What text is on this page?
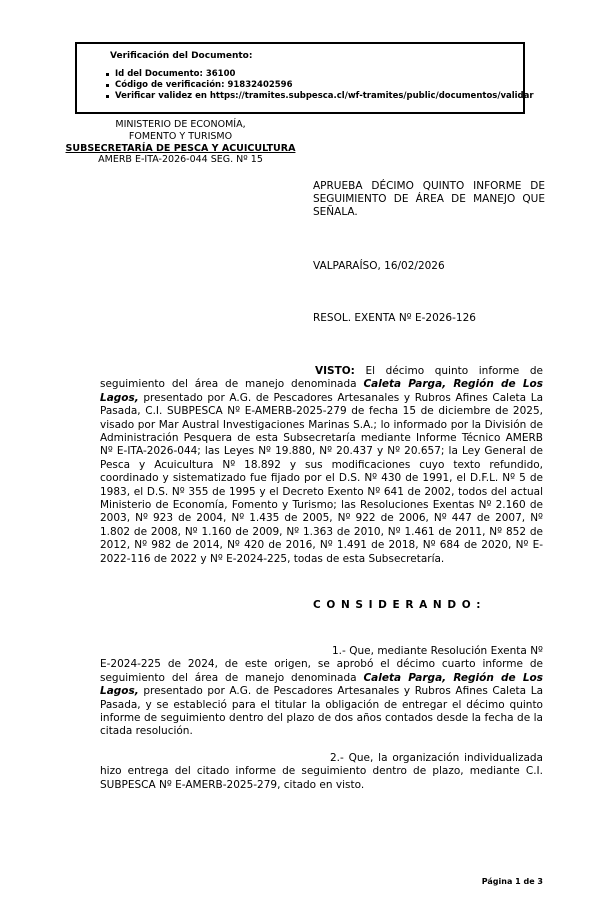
Verificación del Documento:
Id del Documento: 36100
Código de verificación: 91832402596
Verificar validez en https://tramites.subpesca.cl/wf-tramites/public/documentos/validar
MINISTERIO DE ECONOMÍA,
FOMENTO Y TURISMO
SUBSECRETARÍA DE PESCA Y ACUICULTURA
AMERB E-ITA-2026-044 SEG. Nº 15
APRUEBA DÉCIMO QUINTO INFORME DE SEGUIMIENTO DE ÁREA DE MANEJO QUE SEÑALA.
VALPARAÍSO, 16/02/2026
RESOL. EXENTA Nº E-2026-126
VISTO: El décimo quinto informe de seguimiento del área de manejo denominada Caleta Parga, Región de Los Lagos, presentado por A.G. de Pescadores Artesanales y Rubros Afines Caleta La Pasada, C.I. SUBPESCA Nº E-AMERB-2025-279 de fecha 15 de diciembre de 2025, visado por Mar Austral Investigaciones Marinas S.A.; lo informado por la División de Administración Pesquera de esta Subsecretaría mediante Informe Técnico AMERB Nº E-ITA-2026-044; las Leyes Nº 19.880, Nº 20.437 y Nº 20.657; la Ley General de Pesca y Acuicultura Nº 18.892 y sus modificaciones cuyo texto refundido, coordinado y sistematizado fue fijado por el D.S. Nº 430 de 1991, el D.F.L. Nº 5 de 1983, el D.S. Nº 355 de 1995 y el Decreto Exento Nº 641 de 2002, todos del actual Ministerio de Economía, Fomento y Turismo; las Resoluciones Exentas Nº 2.160 de 2003, Nº 923 de 2004, Nº 1.435 de 2005, Nº 922 de 2006, Nº 447 de 2007, Nº 1.802 de 2008, Nº 1.160 de 2009, Nº 1.363 de 2010, Nº 1.461 de 2011, Nº 852 de 2012, Nº 982 de 2014, Nº 420 de 2016, Nº 1.491 de 2018, Nº 684 de 2020, Nº E-2022-116 de 2022 y Nº E-2024-225, todas de esta Subsecretaría.
C O N S I D E R A N D O :
1.- Que, mediante Resolución Exenta Nº E-2024-225 de 2024, de este origen, se aprobó el décimo cuarto informe de seguimiento del área de manejo denominada Caleta Parga, Región de Los Lagos, presentado por A.G. de Pescadores Artesanales y Rubros Afines Caleta La Pasada, y se estableció para el titular la obligación de entregar el décimo quinto informe de seguimiento dentro del plazo de dos años contados desde la fecha de la citada resolución.
2.- Que, la organización individualizada hizo entrega del citado informe de seguimiento dentro de plazo, mediante C.I. SUBPESCA Nº E-AMERB-2025-279, citado en visto.
Página 1 de 3
